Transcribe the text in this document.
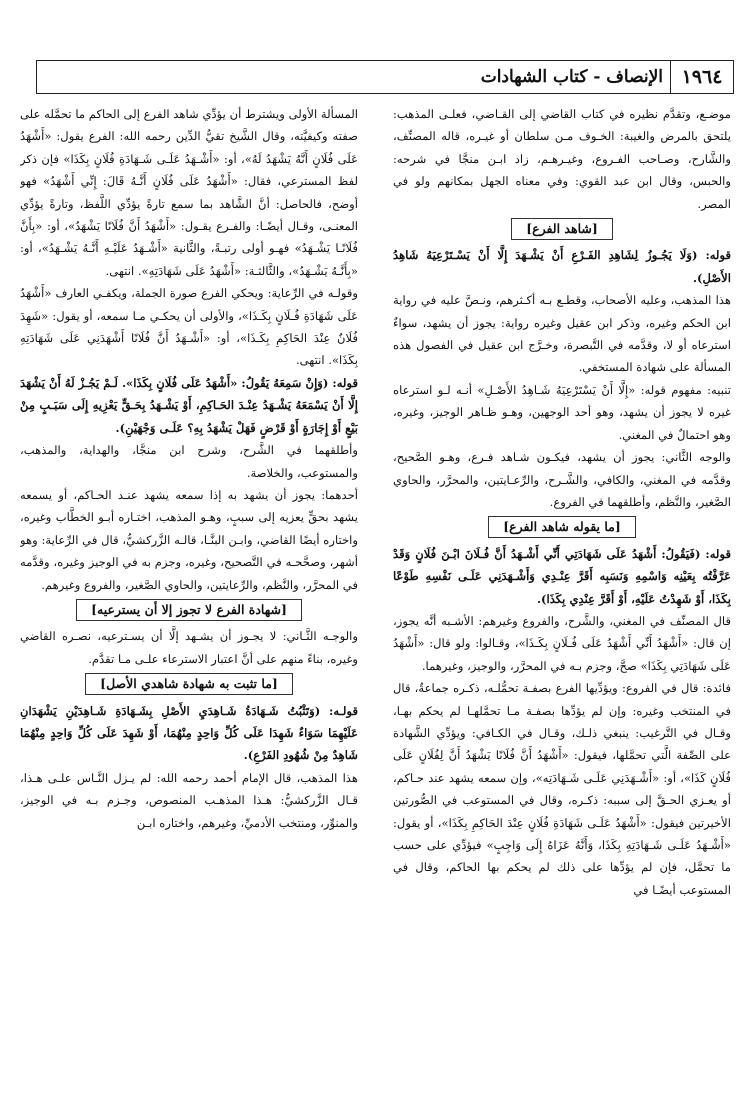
١٩٦٤
الإنصاف - كتاب الشهادات

موضـع، وتقدَّم نظيره في كتاب القاضي إلى القـاضي، فعلـى المذهب: يلتحق بالمرض والغيبة: الخـوف مـن سلطان أو غيـره، قاله المصنِّف، والشَّارح، وصـاحب الفـروع، وغيـرهـم، زاد ابـن منجَّا في شرحه: والحبس، وقال ابن عبد القوي: وفي معناه الجهل بمكانهم ولو في المصر.

[شاهد الفرع]

قوله: (وَلَا يَجُـوزُ لِشَاهِدِ الفَـرْعِ أَنْ يَشْـهَدَ إِلَّا أَنْ يَسْـتَرْعِيَهُ شَاهِدُ الأَصْلِ).

هذا المذهب، وعليه الأصحاب، وقطـع بـه أكـثرهم، ونـصَّ عليه في رواية ابن الحكم وغيره، وذكر ابن عقيل وغيره رواية: يجوز أن يشهد، سواءٌ استرعاه أو لا، وقدَّمه في التَّبصرة، وخـرَّج ابن عقيل في الفصول هذه المسألة على شهادة المستخفي.

تنبيه: مفهوم قوله: «إِلَّا أَنْ يَسْتَرْعِيَهُ شَـاهِدُ الأَصْـلِ» أنـه لـو استرعاه غيره لا يجوز أن يشهد، وهو أحد الوجهين، وهـو ظـاهر الوجيز، وغيره، وهو احتمالٌ في المغني.

والوجه الثَّاني: يجوز أن يشهد، فيكـون شـاهد فـرع، وهـو الصَّحيح، وقدَّمه في المغني، والكافي، والشَّـرح، والرِّعـايتين، والمحرَّر، والحاوي الصَّغير، والنَّظم، وأطلقهما في الفروع.

[ما يقوله شاهد الفرع]

قوله: (فَيَقُولُ: أَشْهَدُ عَلَى شَهَادَتِي أَنِّي أَشْـهَدُ أَنَّ فُـلَانَ ابْـنَ فُلَانٍ وَقَدْ عَرَّفْتُه بِعَيْنِه وَاسْمِهِ وَنَسَبِه أَقَرَّ عِنْـدِي وَأَشْـهَدَنِي عَلَـى نَفْسِهِ طَوْعًا بِكَذَا، أَوْ شَهِدْتُ عَلَيْهِ، أَوْ أَقَرَّ عِنْدِي بِكَذَا).

قال المصنِّف في المغني، والشَّرح، والفروع وغيرهم: الأشـبه أنَّه يجوز، إن قال: «أَشْهَدُ أَنِّي أَشْهَدُ عَلَى فُـلَانٍ بِكَـذَا»، وقـالوا: ولو قال: «أَشْهَدُ عَلَى شَهَادَتِي بِكَذَا» صحَّ، وجزم بـه في المحرَّر، والوجيز، وغيرهما.

فائدة: قال في الفروع: ويؤدِّيها الفرع بصفـة تحمُّلـه، ذكـره جماعةٌ، قال في المنتخب وغيره: وإن لم يؤدِّها بصفـة مـا تحمَّلهـا لم يحكم بهـا، وقـال في التَّرغيب: ينبغي ذلـك، وقـال في الكـافي: ويؤدِّي الشَّهادة على الصِّفة الَّتي تحمَّلها، فيقول: «أَشْهَدُ أَنَّ فُلَانًا يَشْهَدُ أَنَّ لِفُلَانٍ عَلَى فُلَانٍ كَذَا»، أو: «أَشْـهَدَنِي عَلَـى شَـهَادَتِه»، وإن سمعه يشهد عند حـاكم، أو يعـزي الحـقَّ إلى سببه: ذكـره، وقال في المستوعب في الصُّورتين الأخيرتين فيقول: «أَشْهَدُ عَلَـى شَهَادَةِ فُلَانٍ عِنْدَ الحَاكِمِ بِكَذَا»، أو يقول: «أَشْـهَدُ عَلَـى شَـهَادَتِهِ بِكَذَا، وَأَنَّهُ عَزَاهُ إِلَى وَاجِبٍ» فيؤدِّي على حسب ما تحمَّل، فإن لم يؤدِّها على ذلك لم يحكم بها الحاكم، وقال في المستوعب أيضًـا في

المسألة الأولى ويشترط أن يؤدِّي شاهد الفرع إلى الحاكم ما تحمَّله على صفته وكيفيَّته، وقال الشَّيخ تقيُّ الدِّين رحمه الله: الفرع يقول: «أَشْهَدُ عَلَى فُلَانٍ أَنَّهُ يَشْهَدُ لَهُ»، أو: «أَشْـهَدُ عَلَـى شَـهَادَةِ فُلَانٍ بِكَذَا» فإن ذكر لفظ المسترعي، فقال: «أَشْهَدُ عَلَى فُلَانٍ أَنَّـهُ قَالَ: إِنِّي أَشْهَدُ» فهو أوضح، فالحاصل: أنَّ الشَّاهد بما سمع تارةً يؤدِّي اللَّفظ، وتارةً يؤدِّي المعنـى، وقـال أيضًـا: والفـرع يقـول: «أَشْهَدُ أَنَّ فُلَانًا يَشْهَدُ»، أو: «بِأَنَّ فُلَانًـا يَشْـهَدُ» فهـو أولى رتبـةً، والثَّانية «أَشْـهَدُ عَلَيْـهِ أَنَّـهُ يَشْـهَدُ»، أو: «بِأَنَّـهُ يَشْـهَدُ»، والثَّالثـة: «أَشْهَدُ عَلَى شَهَادَتِهِ». انتهى.

وقولـه في الرِّعاية: ويحكي الفرع صورة الجملة، ويكفـي العارف «أَشْهَدُ عَلَى شَهَادَةِ فُـلَانٍ بِكَـذَا»، والأولى أن يحكـي مـا سمعه، أو يقول: «شَهِدَ فُلَانٌ عِنْدَ الحَاكِمِ بِكَـذَا»، أو: «أَشْـهَدُ أَنَّ فُلَانًا أَشْهَدَنِي عَلَى شَهَادَتِهِ بِكَذَا». انتهى.

قوله: (وَإِنْ سَمِعَهُ يَقُولُ: «أَشْهَدُ عَلَى فُلَانٍ بِكَذَا». لَـمْ يَجُـزْ لَهُ أَنْ يَشْهَدَ إِلَّا أَنْ يَسْمَعَهُ يَشْـهَدُ عِنْـدَ الحَـاكِمِ، أَوْ يَشْـهَدُ بِحَـقٍّ يَعْزِيهِ إِلَى سَبَـبٍ مِنْ بَيْعٍ أَوْ إِجَارَةٍ أَوْ قَرْضٍ فَهَلْ يَشْهَدُ بِهِ؟ عَلَـى وَجْهَيْنِ).

وأطلقهما في الشَّرح، وشرح ابن منجَّا، والهداية، والمذهب، والمستوعب، والخلاصة.

أحدهما: يجوز أن يشهد به إذا سمعه يشهد عنـد الحـاكم، أو يسمعه يشهد بحقٍّ يعزيه إلى سببٍ، وهـو المذهب، اختـاره أبـو الخطَّاب وغيره، واختاره أيضًا القاضي، وابـن البنَّـا، قالـه الزَّركشيُّ، قال في الرِّعاية: وهو أشهر، وصحَّحـه في التَّصحيح، وغيره، وجزم به في الوجيز وغيره، وقدَّمه في المحرَّر، والنَّظم، والرِّعايتين، والحاوي الصَّغير، والفروع وغيرهم.

[شهادة الفرع لا تجوز إلا أن يسترعيه]

والوجـه الثَّـاني: لا يجـوز أن يشـهد إلَّا أن يسـترعيه، نصـره القاضي وغيره، بناءً منهم على أنَّ اعتبار الاسترعاء علـى مـا تقدَّم.

[ما تثبت به شهادة شاهدي الأصل]

قولـه: (وَتَثْبُتُ شَـهَادَةُ شَـاهِدَيِ الأَصْلِ بِشَـهَادَةِ شَـاهِدَيْنِ يَشْهَدَانِ عَلَيْهِمَا سَوَاءٌ شَهِدَا عَلَى كُلِّ وَاحِدٍ مِنْهُمَا، أَوْ شَهِدَ عَلَى كُلِّ وَاحِدٍ مِنْهُمَا شَاهِدٌ مِنْ شُهُودِ الفَرْعِ).

هذا المذهب، قال الإمام أحمد رحمه الله: لم يـزل النَّـاس علـى هـذا، قـال الزَّركشيُّ: هـذا المذهـب المنصوص، وجـزم بـه في الوجيز، والمنوِّر، ومنتخب الأدميِّ، وغيرهم، واختاره ابـن
